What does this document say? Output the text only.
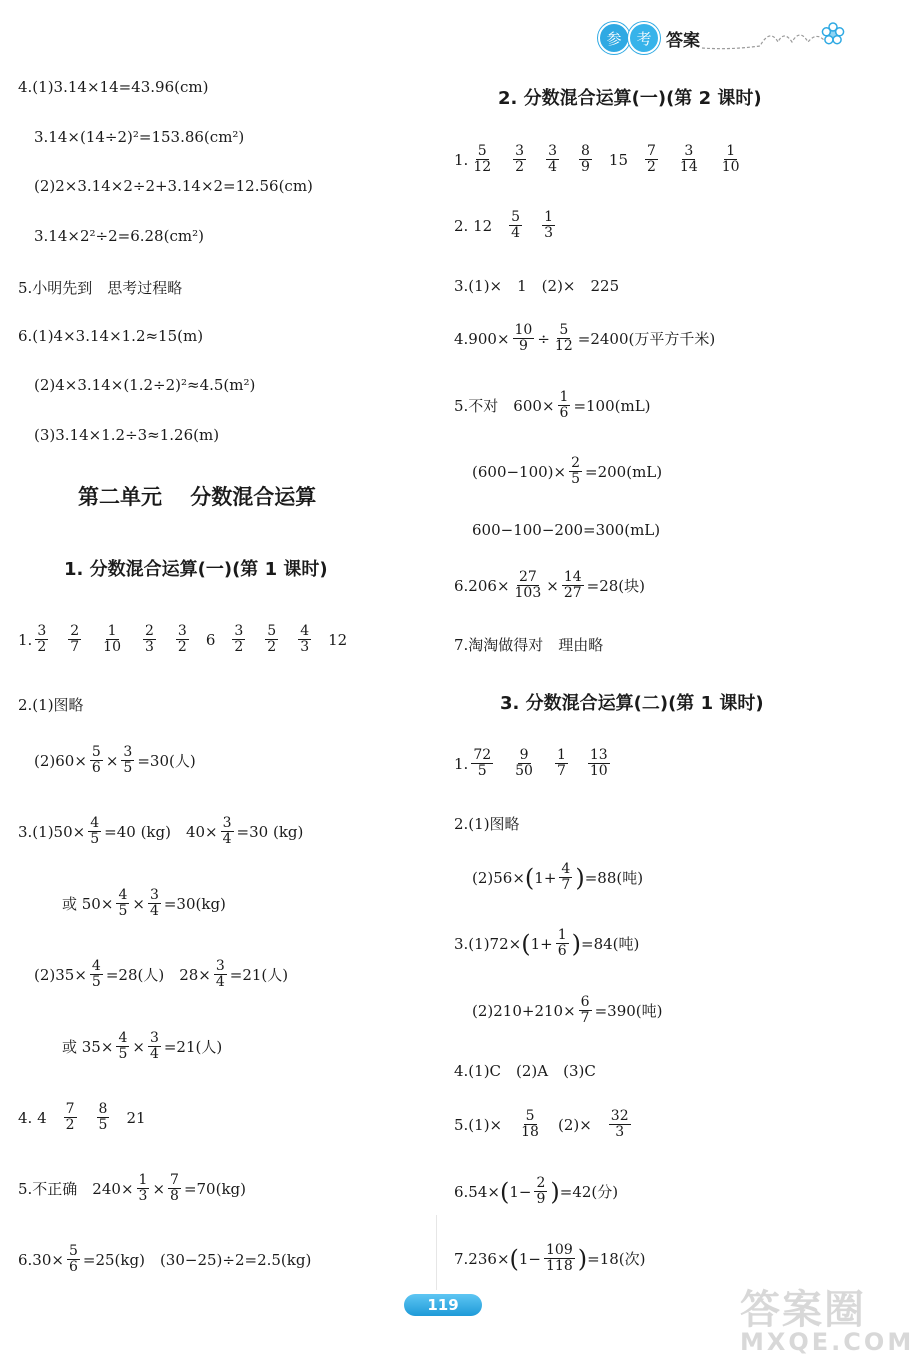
参 考 答案
4.(1)3.14×14=43.96(cm)
3.14×(14÷2)²=153.86(cm²)
(2)2×3.14×2÷2+3.14×2=12.56(cm)
3.14×2²÷2=6.28(cm²)
5.小明先到　思考过程略
6.(1)4×3.14×1.2≈15(m)
(2)4×3.14×(1.2÷2)²≈4.5(m²)
(3)3.14×1.2÷3≈1.26(m)
第二单元　 分数混合运算
1. 分数混合运算(一)(第 1 课时)
1. $\frac{3}{2} \frac{2}{7} \frac{1}{10} \frac{2}{3} \frac{3}{2} 6 \frac{3}{2} \frac{5}{2} \frac{4}{3} 12$
2.(1)图略
$(2)60\times \frac{5}{6} \times \frac{3}{5} =30$(人)
$3.(1)50\times \frac{4}{5} =40$ (kg)　$40\times \frac{3}{4} =30$ (kg)
或 $50\times \frac{4}{5} \times \frac{3}{4} =30(kg)$
$(2)35\times \frac{4}{5} =28$(人)　$28\times \frac{3}{4} =21$(人)
或 $35\times \frac{4}{5} \times \frac{3}{4} =21$(人)
4. $4 \frac{7}{2} \frac{8}{5} 21$
5.不正确　$240\times \frac{1}{3} \times \frac{7}{8} =70(kg)$
$6.30\times \frac{5}{6} =25(kg)$　(30−25)÷2=2.5(kg)
2. 分数混合运算(一)(第 2 课时)
1. $\frac{5}{12} \frac{3}{2} \frac{3}{4} \frac{8}{9} 15 \frac{7}{2} \frac{3}{14} \frac{1}{10}$
2. $12 \frac{5}{4} \frac{1}{3}$
3.(1)×　1　(2)×　225
$4.900\times \frac{10}{9} \div \frac{5}{12} =2400$(万平方千米)
5.不对　$600\times \frac{1}{6} =100(mL)$
$(600-100)\times \frac{2}{5} =200(mL)$
600−100−200=300(mL)
$6.206\times \frac{27}{103} \times \frac{14}{27} =28$(块)
7.淘淘做得对　理由略
3. 分数混合运算(二)(第 1 课时)
1. $\frac{72}{5} \frac{9}{50} \frac{1}{7} \frac{13}{10}$
2.(1)图略
(2)56× ( $1+ \frac{4}{7}$ ) =88(吨)
3.(1)72× ( $1+ \frac{1}{6}$ ) =84(吨)
$(2)210+210\times \frac{6}{7} =390$(吨)
4.(1)C　(2)A　(3)C
$5.(1)\times \frac{5}{18} (2)\times \frac{32}{3}$
6.54× ( $1- \frac{2}{9}$ ) =42(分)
7.236× ( $1- \frac{109}{118}$ ) =18(次)
119	答案圈
MXQE.COM
